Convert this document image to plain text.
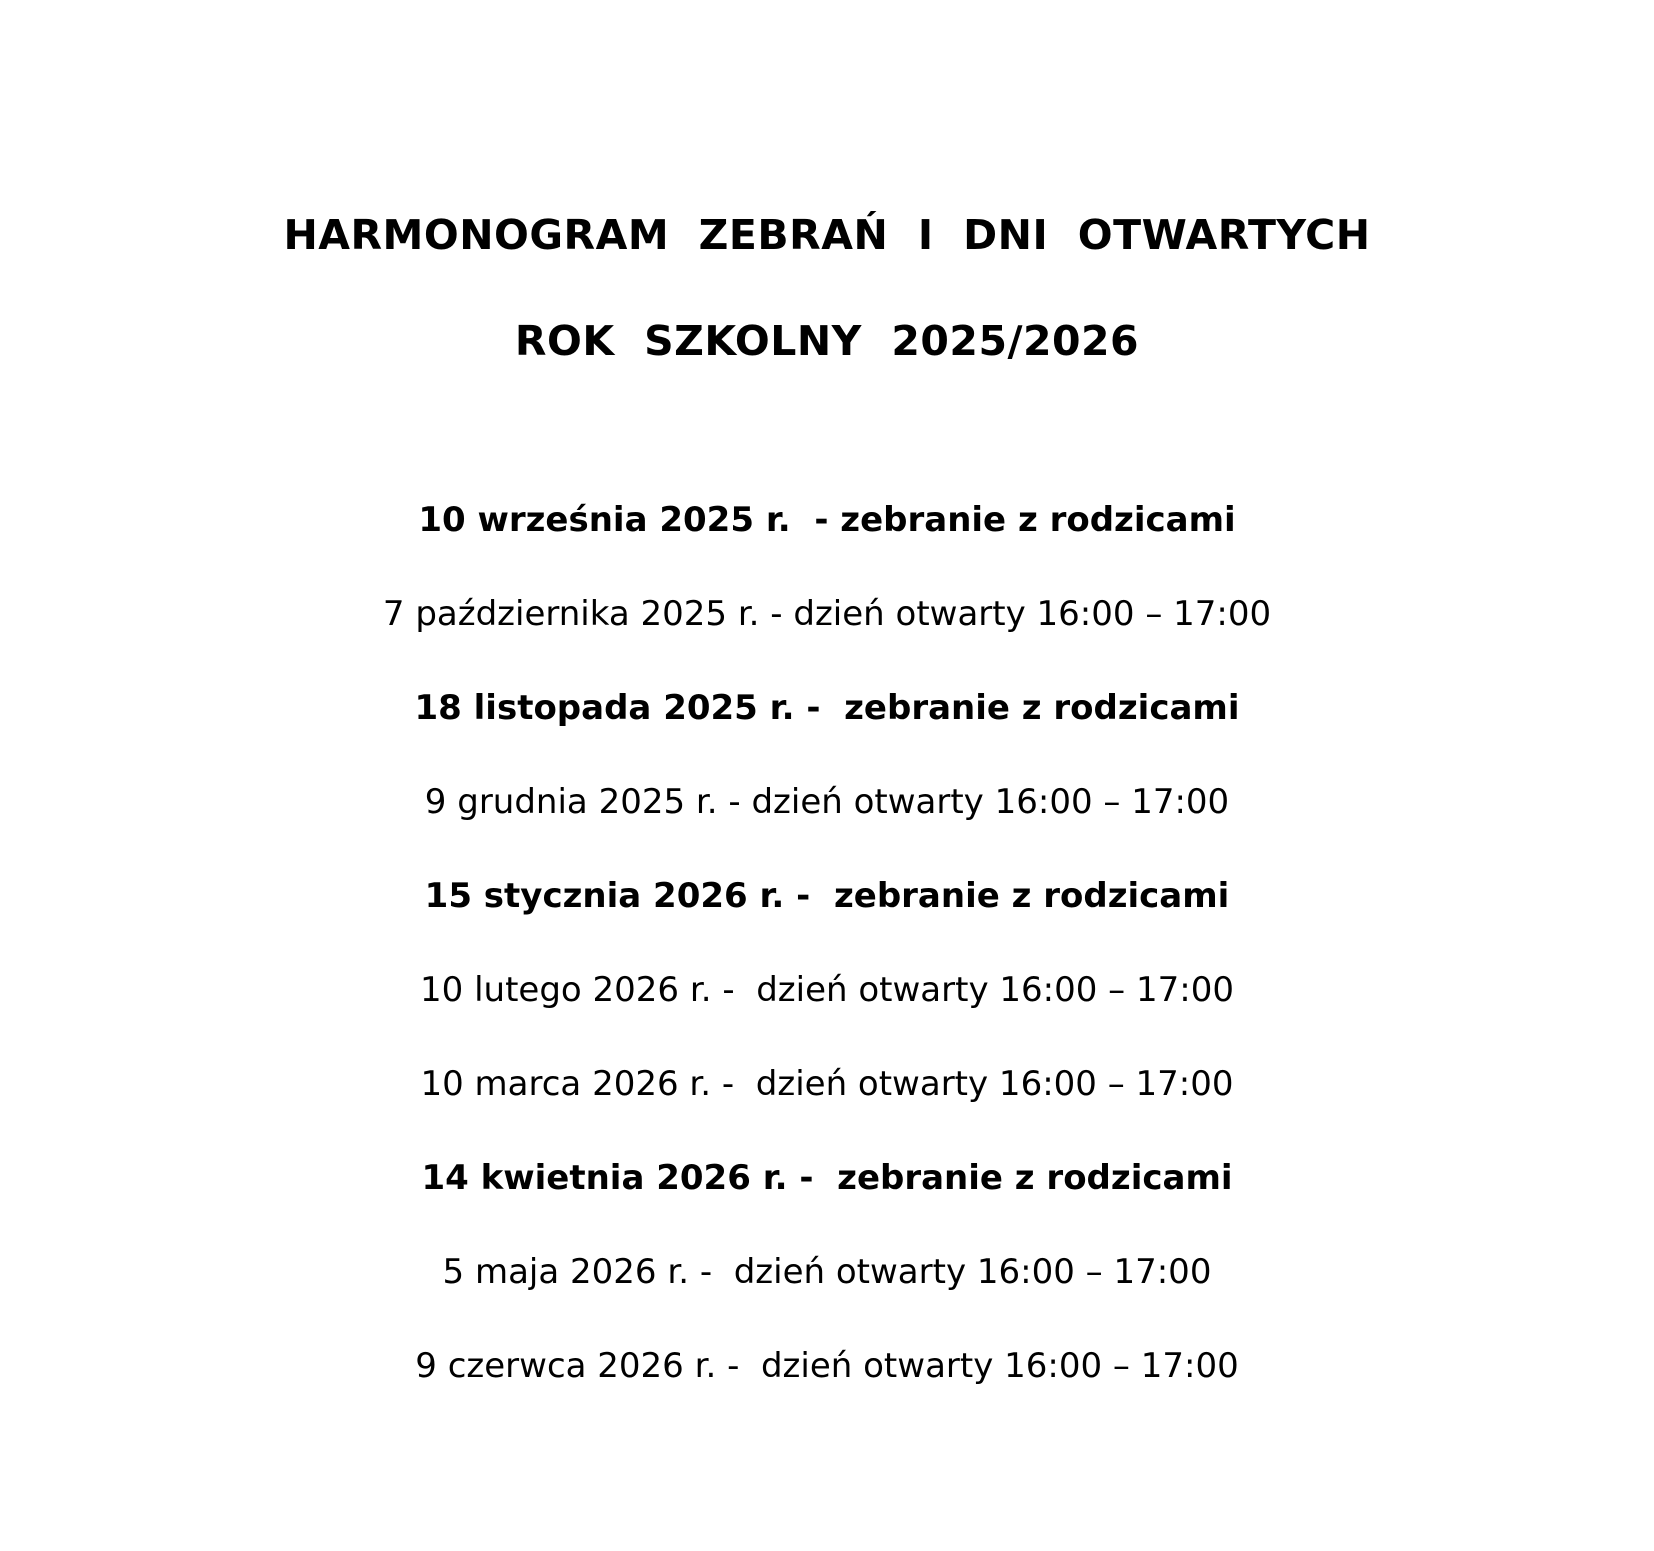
HARMONOGRAM  ZEBRAŃ  I  DNI  OTWARTYCH
ROK  SZKOLNY  2025/2026
10 września 2025 r.  - zebranie z rodzicami
7 października 2025 r. - dzień otwarty 16:00 – 17:00
18 listopada 2025 r. -  zebranie z rodzicami
9 grudnia 2025 r. - dzień otwarty 16:00 – 17:00
15 stycznia 2026 r. -  zebranie z rodzicami
10 lutego 2026 r. -  dzień otwarty 16:00 – 17:00
10 marca 2026 r. -  dzień otwarty 16:00 – 17:00
14 kwietnia 2026 r. -  zebranie z rodzicami
5 maja 2026 r. -  dzień otwarty 16:00 – 17:00
9 czerwca 2026 r. -  dzień otwarty 16:00 – 17:00
